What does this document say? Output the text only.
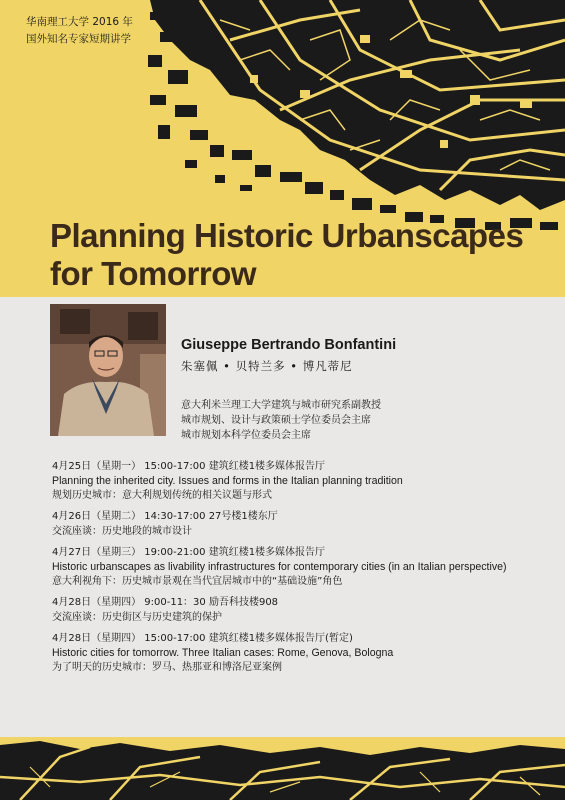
华南理工大学 2016 年
国外知名专家短期讲学
Planning Historic Urbanscapes
for Tomorrow
Giuseppe Bertrando Bonfantini
朱塞佩 • 贝特兰多 • 博凡蒂尼
意大利米兰理工大学建筑与城市研究系副教授
城市规划、设计与政策硕士学位委员会主席
城市规划本科学位委员会主席
4月25日（星期一） 15:00-17:00 建筑红楼1楼多媒体报告厅
Planning the inherited city. Issues and forms in the Italian planning tradition
规划历史城市：意大利规划传统的相关议题与形式
4月26日（星期二） 14:30-17:00 27号楼1楼东厅
交流座谈：历史地段的城市设计
4月27日（星期三） 19:00-21:00 建筑红楼1楼多媒体报告厅
Historic urbanscapes as livability infrastructures for contemporary cities (in an Italian perspective)
意大利视角下：历史城市景观在当代宜居城市中的“基础设施”角色
4月28日（星期四） 9:00-11：30 励吾科技楼908
交流座谈：历史街区与历史建筑的保护
4月28日（星期四） 15:00-17:00 建筑红楼1楼多媒体报告厅(暂定)
Historic cities for tomorrow. Three Italian cases: Rome, Genova, Bologna
为了明天的历史城市：罗马、热那亚和博洛尼亚案例
